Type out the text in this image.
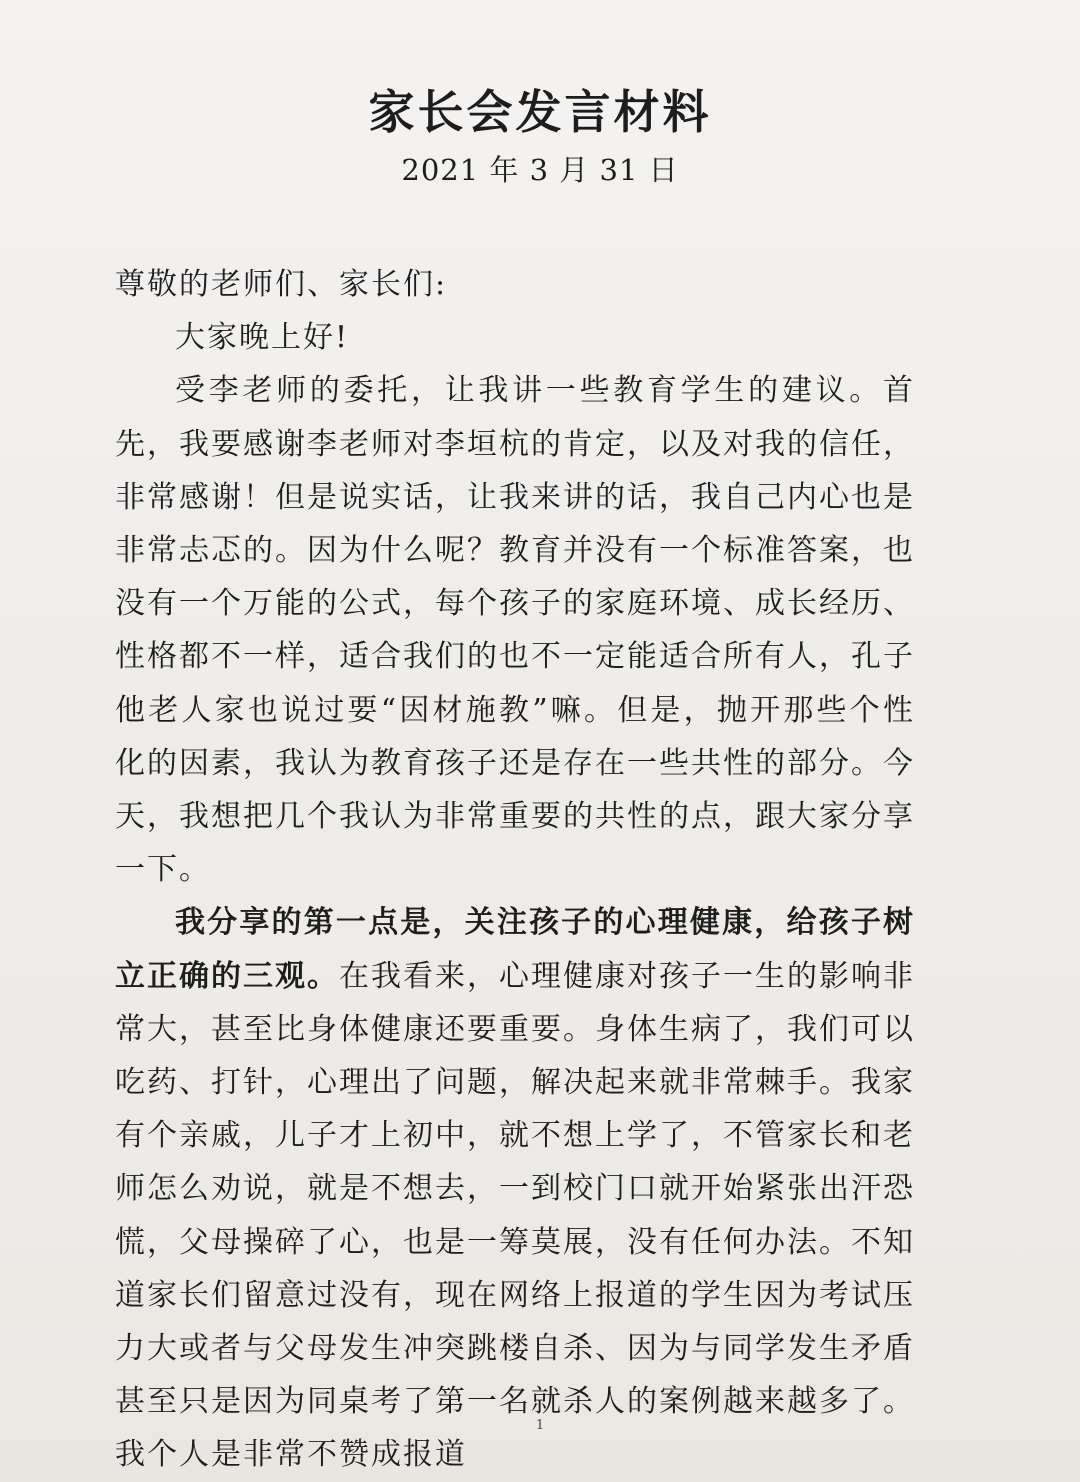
家长会发言材料
2021 年 3 月 31 日

尊敬的老师们、家长们:

大家晚上好!

受李老师的委托，让我讲一些教育学生的建议。首先，我要感谢李老师对李垣杭的肯定，以及对我的信任，非常感谢！但是说实话，让我来讲的话，我自己内心也是非常忐忑的。因为什么呢？教育并没有一个标准答案，也没有一个万能的公式，每个孩子的家庭环境、成长经历、性格都不一样，适合我们的也不一定能适合所有人，孔子他老人家也说过要“因材施教”嘛。但是，抛开那些个性化的因素，我认为教育孩子还是存在一些共性的部分。今天，我想把几个我认为非常重要的共性的点，跟大家分享一下。

我分享的第一点是，关注孩子的心理健康，给孩子树立正确的三观。在我看来，心理健康对孩子一生的影响非常大，甚至比身体健康还要重要。身体生病了，我们可以吃药、打针，心理出了问题，解决起来就非常棘手。我家有个亲戚，儿子才上初中，就不想上学了，不管家长和老师怎么劝说，就是不想去，一到校门口就开始紧张出汗恐慌，父母操碎了心，也是一筹莫展，没有任何办法。不知道家长们留意过没有，现在网络上报道的学生因为考试压力大或者与父母发生冲突跳楼自杀、因为与同学发生矛盾甚至只是因为同桌考了第一名就杀人的案例越来越多了。我个人是非常不赞成报道

1
